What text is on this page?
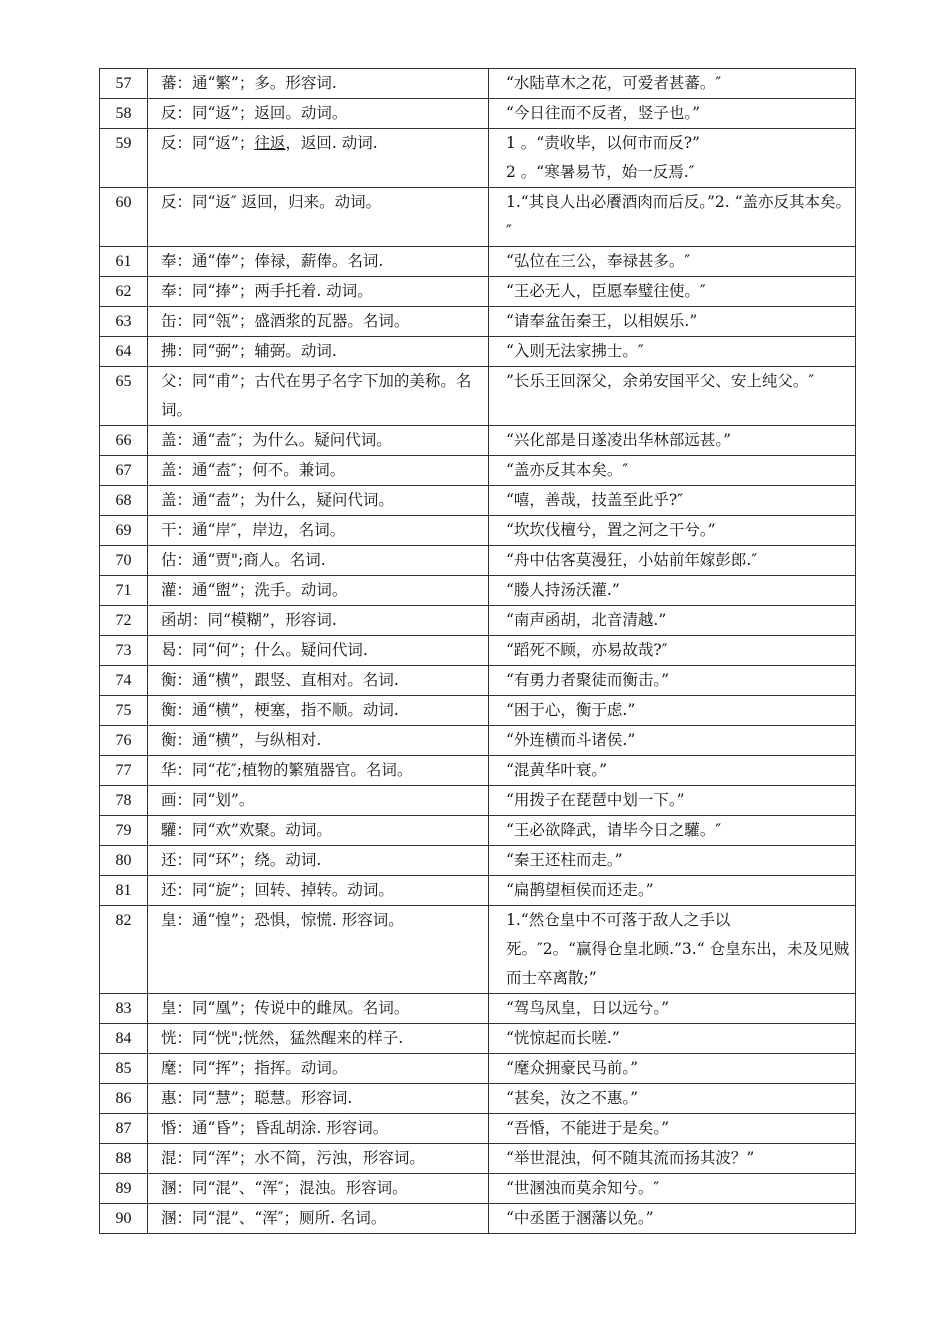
57	蕃：通“繁”；多。形容词.	“水陆草木之花，可爱者甚蕃。″

58	反：同“返”；返回。动词。	“今日往而不反者，竖子也。”

59	反：同“返”；往返，返回. 动词.	1 。“责收毕，以何市而反?”
2 。“寒暑易节，始一反焉.″

60	反：同“返″ 返回，归来。动词。	1.“其良人出必餍酒肉而后反。”2. “盖亦反其本矣。″

61	奉：通“俸”；俸禄，薪俸。名词.	“弘位在三公，奉禄甚多。″

62	奉：同“捧”；两手托着. 动词。	“王必无人，臣愿奉璧往使。″

63	缶：同“瓴”；盛酒浆的瓦器。名词。	“请奉盆缶秦王，以相娱乐.”

64	拂：同“弼”；辅弼。动词.	“入则无法家拂士。″

65	父：同“甫”；古代在男子名字下加的美称。名词。	”长乐王回深父，余弟安国平父、安上纯父。″

66	盖：通“盍″；为什么。疑问代词。	“兴化部是日遂凌出华林部远甚。”

67	盖：通“盍″；何不。兼词。	“盖亦反其本矣。″

68	盖：通“盍”；为什么，疑问代词。	“嘻，善哉，技盖至此乎?″

69	干：通“岸″，岸边，名词。	“坎坎伐檀兮，置之河之干兮。”

70	估：通“贾";商人。名词.	“舟中估客莫漫狂，小姑前年嫁彭郎.″

71	灌：通“盥”；洗手。动词。	“媵人持汤沃灌.”

72	函胡：同“模糊”，形容词.	“南声函胡，北音清越.”

73	曷：同“何”；什么。疑问代词.	“蹈死不顾，亦易故哉?″

74	衡：通“横”，跟竖、直相对。名词.	“有勇力者聚徒而衡击。”

75	衡：通“横”，梗塞，指不顺。动词.	“困于心，衡于虑.”

76	衡：通“横”，与纵相对.	“外连横而斗诸侯.”

77	华：同“花″;植物的繁殖器官。名词。	“混黄华叶衰。”

78	画：同“划”。	“用拨子在琵琶中划一下。”

79	驩：同“欢”欢聚。动词。	“王必欲降武，请毕今日之驩。″

80	还：同“环”；绕。动词.	“秦王还柱而走。”

81	还：同“旋”；回转、掉转。动词。	“扁鹊望桓侯而还走。”

82	皇：通“惶”；恐惧，惊慌. 形容词。	1.“然仓皇中不可落于敌人之手以
死。″2。“赢得仓皇北顾.”3.“ 仓皇东出，未及见贼而士卒离散;”

83	皇：同“凰”；传说中的雌凤。名词。	“驾鸟凤皇，日以远兮。”

84	恍：同“恍";恍然，猛然醒来的样子.	“恍惊起而长嗟.”

85	麾：同“挥”；指挥。动词。	“麾众拥豪民马前。”

86	惠：同“慧”；聪慧。形容词.	“甚矣，汝之不惠。”

87	惛：通“昏”；昏乱胡涂. 形容词。	“吾惛，不能进于是矣。”

88	混：同“浑”；水不简，污浊，形容词。	“举世混浊，何不随其流而扬其波？”

89	溷：同“混”、“浑″；混浊。形容词。	“世溷浊而莫余知兮。″

90	溷：同“混”、“浑″；厕所. 名词。	“中丞匿于溷藩以免。”
